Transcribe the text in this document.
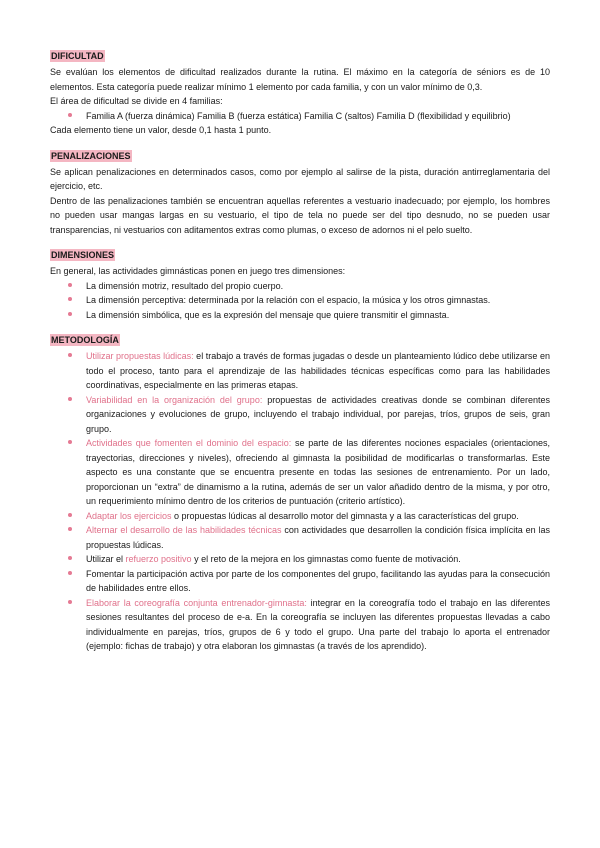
DIFICULTAD

Se evalúan los elementos de dificultad realizados durante la rutina. El máximo en la categoría de séniors es de 10 elementos. Esta categoría puede realizar mínimo 1 elemento por cada familia, y con un valor mínimo de 0,3.

El área de dificultad se divide en 4 familias:

Familia A (fuerza dinámica) Familia B (fuerza estática) Familia C (saltos) Familia D (flexibilidad y equilibrio)

Cada elemento tiene un valor, desde 0,1 hasta 1 punto.

PENALIZACIONES

Se aplican penalizaciones en determinados casos, como por ejemplo al salirse de la pista, duración antirreglamentaria del ejercicio, etc.

Dentro de las penalizaciones también se encuentran aquellas referentes a vestuario inadecuado; por ejemplo, los hombres no pueden usar mangas largas en su vestuario, el tipo de tela no puede ser del tipo desnudo, no se pueden usar transparencias, ni vestuarios con aditamentos extras como plumas, o exceso de adornos ni el pelo suelto.

DIMENSIONES

En general, las actividades gimnásticas ponen en juego tres dimensiones:

La dimensión motriz, resultado del propio cuerpo.
La dimensión perceptiva: determinada por la relación con el espacio, la música y los otros gimnastas.
La dimensión simbólica, que es la expresión del mensaje que quiere transmitir el gimnasta.
METODOLOGÍA
Utilizar propuestas lúdicas: el trabajo a través de formas jugadas o desde un planteamiento lúdico debe utilizarse en todo el proceso, tanto para el aprendizaje de las habilidades técnicas específicas como para las habilidades coordinativas, especialmente en las primeras etapas.
Variabilidad en la organización del grupo: propuestas de actividades creativas donde se combinan diferentes organizaciones y evoluciones de grupo, incluyendo el trabajo individual, por parejas, tríos, grupos de seis, gran grupo.
Actividades que fomenten el dominio del espacio: se parte de las diferentes nociones espaciales (orientaciones, trayectorias, direcciones y niveles), ofreciendo al gimnasta la posibilidad de modificarlas o transformarlas. Este aspecto es una constante que se encuentra presente en todas las sesiones de entrenamiento. Por un lado, proporcionan un “extra” de dinamismo a la rutina, además de ser un valor añadido dentro de la misma, y por otro, un requerimiento mínimo dentro de los criterios de puntuación (criterio artístico).
Adaptar los ejercicios o propuestas lúdicas al desarrollo motor del gimnasta y a las características del grupo.
Alternar el desarrollo de las habilidades técnicas con actividades que desarrollen la condición física implícita en las propuestas lúdicas.
Utilizar el refuerzo positivo y el reto de la mejora en los gimnastas como fuente de motivación.
Fomentar la participación activa por parte de los componentes del grupo, facilitando las ayudas para la consecución de habilidades entre ellos.
Elaborar la coreografía conjunta entrenador-gimnasta: integrar en la coreografía todo el trabajo en las diferentes sesiones resultantes del proceso de e-a. En la coreografía se incluyen las diferentes propuestas llevadas a cabo individualmente en parejas, tríos, grupos de 6 y todo el grupo. Una parte del trabajo lo aporta el entrenador (ejemplo: fichas de trabajo) y otra elaboran los gimnastas (a través de los aprendido).
